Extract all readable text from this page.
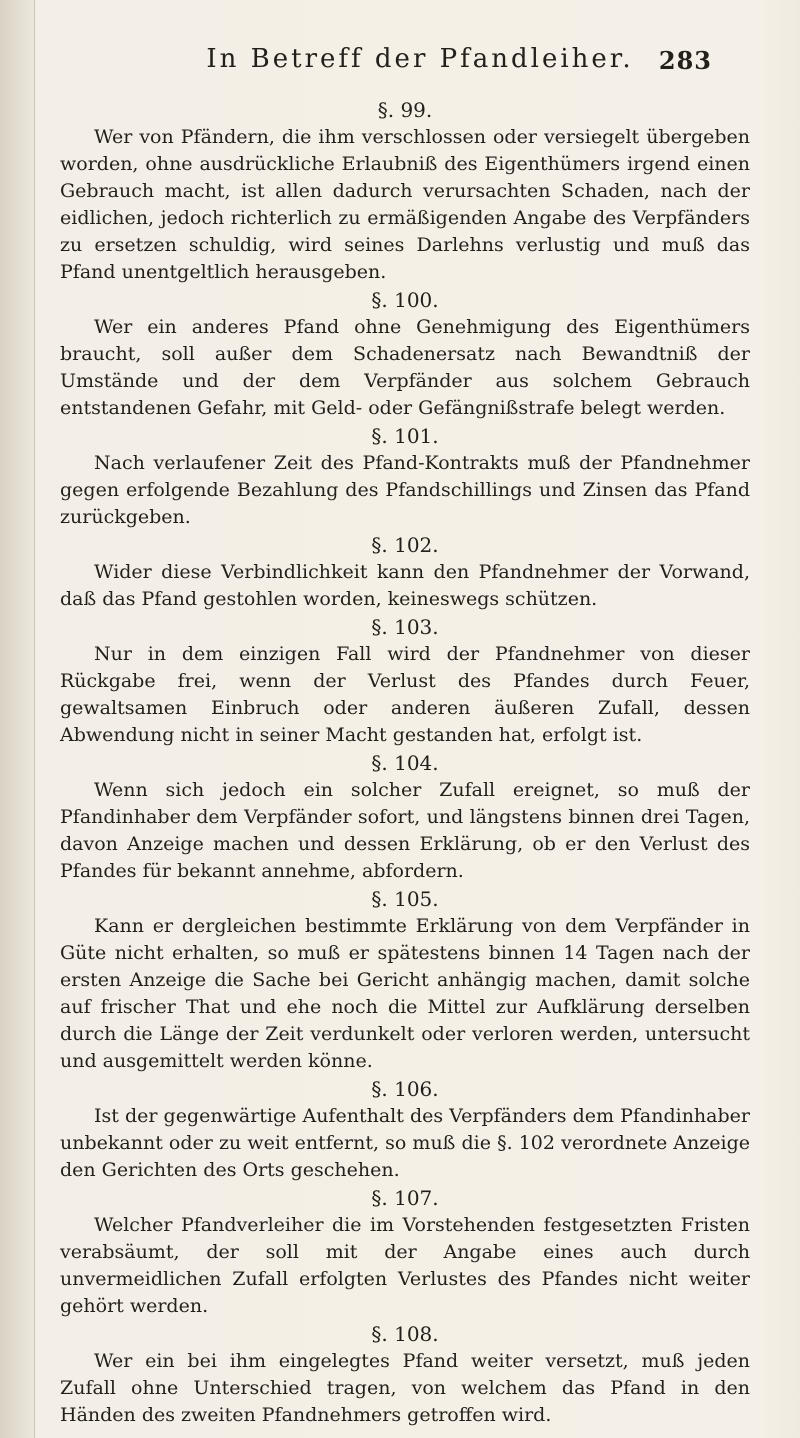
In Betreff der Pfandleiher.	283
§. 99.

Wer von Pfändern, die ihm verschlossen oder versiegelt übergeben worden, ohne ausdrückliche Erlaubniß des Eigenthümers irgend einen Gebrauch macht, ist allen dadurch verursachten Schaden, nach der eidlichen, jedoch richterlich zu ermäßigenden Angabe des Verpfänders zu ersetzen schuldig, wird seines Darlehns verlustig und muß das Pfand unentgeltlich herausgeben.

§. 100.

Wer ein anderes Pfand ohne Genehmigung des Eigenthümers braucht, soll außer dem Schadenersatz nach Bewandtniß der Umstände und der dem Verpfänder aus solchem Gebrauch entstandenen Gefahr, mit Geld- oder Gefängnißstrafe belegt werden.

§. 101.

Nach verlaufener Zeit des Pfand-Kontrakts muß der Pfandnehmer gegen erfolgende Bezahlung des Pfandschillings und Zinsen das Pfand zurückgeben.

§. 102.

Wider diese Verbindlichkeit kann den Pfandnehmer der Vorwand, daß das Pfand gestohlen worden, keineswegs schützen.

§. 103.

Nur in dem einzigen Fall wird der Pfandnehmer von dieser Rückgabe frei, wenn der Verlust des Pfandes durch Feuer, gewaltsamen Einbruch oder anderen äußeren Zufall, dessen Abwendung nicht in seiner Macht gestanden hat, erfolgt ist.

§. 104.

Wenn sich jedoch ein solcher Zufall ereignet, so muß der Pfandinhaber dem Verpfänder sofort, und längstens binnen drei Tagen, davon Anzeige machen und dessen Erklärung, ob er den Verlust des Pfandes für bekannt annehme, abfordern.

§. 105.

Kann er dergleichen bestimmte Erklärung von dem Verpfänder in Güte nicht erhalten, so muß er spätestens binnen 14 Tagen nach der ersten Anzeige die Sache bei Gericht anhängig machen, damit solche auf frischer That und ehe noch die Mittel zur Aufklärung derselben durch die Länge der Zeit verdunkelt oder verloren werden, untersucht und ausgemittelt werden könne.

§. 106.

Ist der gegenwärtige Aufenthalt des Verpfänders dem Pfandinhaber unbekannt oder zu weit entfernt, so muß die §. 102 verordnete Anzeige den Gerichten des Orts geschehen.

§. 107.

Welcher Pfandverleiher die im Vorstehenden festgesetzten Fristen verabsäumt, der soll mit der Angabe eines auch durch unvermeidlichen Zufall erfolgten Verlustes des Pfandes nicht weiter gehört werden.

§. 108.

Wer ein bei ihm eingelegtes Pfand weiter versetzt, muß jeden Zufall ohne Unterschied tragen, von welchem das Pfand in den Händen des zweiten Pfandnehmers getroffen wird.
